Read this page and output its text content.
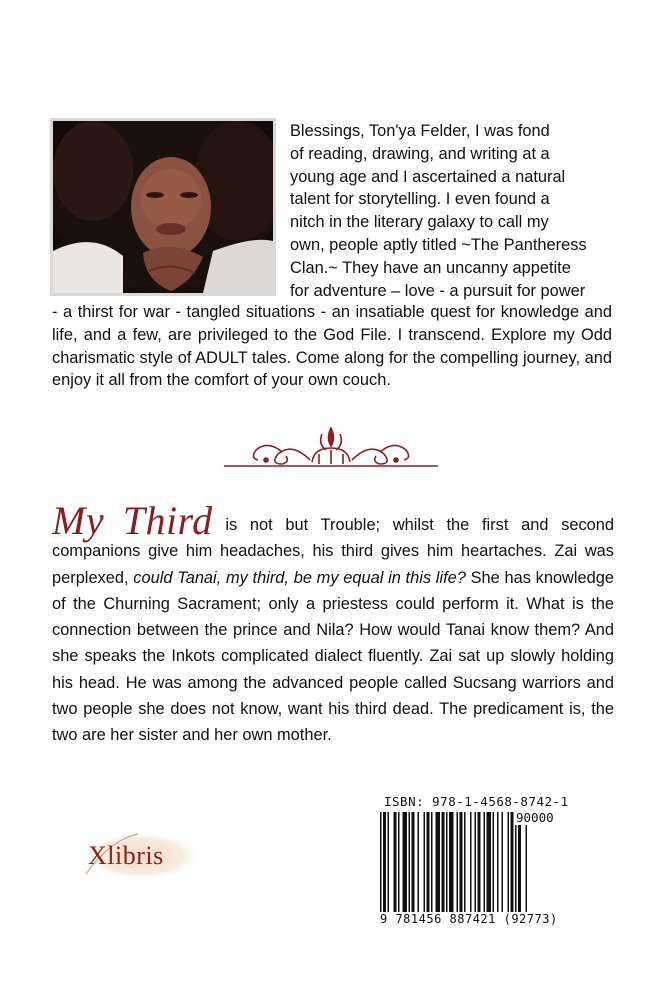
Blessings, Ton'ya Felder, I was fond
of reading, drawing, and writing at a
young age and I ascertained a natural
talent for storytelling. I even found a
nitch in the literary galaxy to call my
own, people aptly titled ~The Pantheress
Clan.~ They have an uncanny appetite
for adventure – love - a pursuit for power
- a thirst for war - tangled situations - an insatiable quest for knowledge and life, and a few, are privileged to the God File. I transcend. Explore my Odd charismatic style of ADULT tales. Come along for the compelling journey, and enjoy it all from the comfort of your own couch.
My Third is not but Trouble; whilst the first and second companions give him headaches, his third gives him heartaches. Zai was perplexed, could Tanai, my third, be my equal in this life? She has knowledge of the Churning Sacrament; only a priestess could perform it. What is the connection between the prince and Nila? How would Tanai know them? And she speaks the Inkots complicated dialect fluently. Zai sat up slowly holding his head. He was among the advanced people called Sucsang warriors and two people she does not know, want his third dead. The predicament is, the two are her sister and her own mother.
ISBN: 978-1-4568-8742-1
90000
9 781456 887421 (92773)
Xlibris
